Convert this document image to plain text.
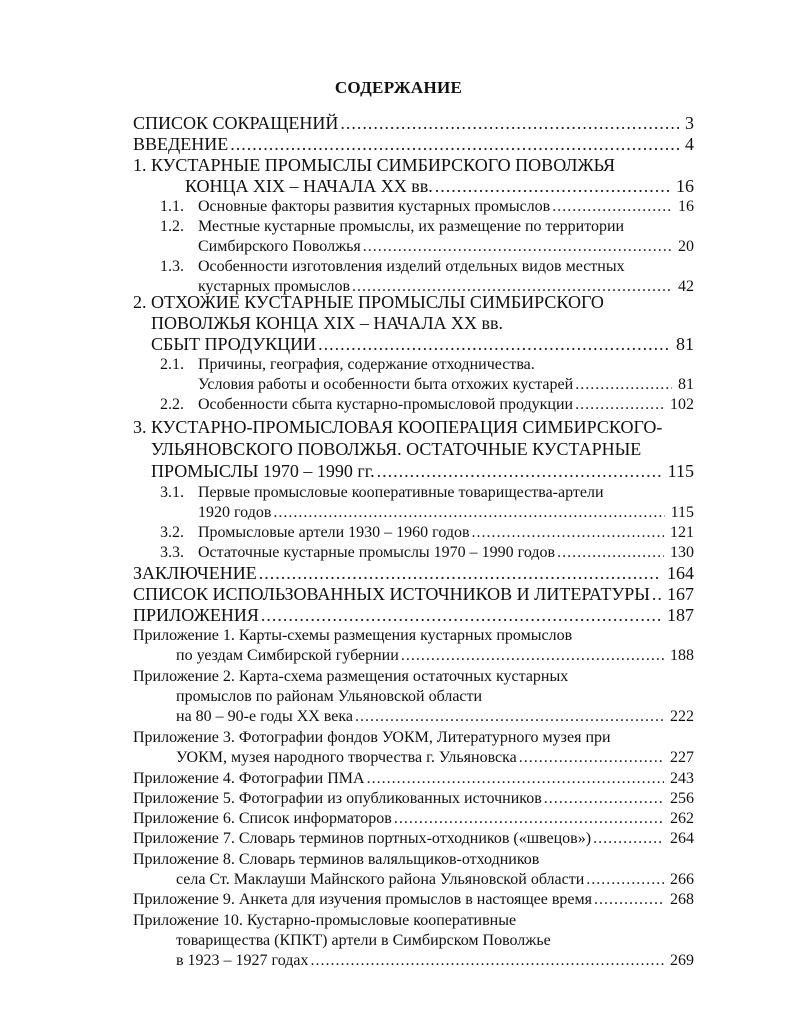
СОДЕРЖАНИЕ
СПИСОК СОКРАЩЕНИЙ .....	3
ВВЕДЕНИЕ .....	4
1. КУСТАРНЫЕ ПРОМЫСЛЫ СИМБИРСКОГО ПОВОЛЖЬЯ
КОНЦА XIX – НАЧАЛА XX вв. .....	16
1.1. Основные факторы развития кустарных промыслов .....	16
1.2. Местные кустарные промыслы, их размещение по территории
Симбирского Поволжья .....	20
1.3. Особенности изготовления изделий отдельных видов местных
кустарных промыслов .....	42
2. ОТХОЖИЕ КУСТАРНЫЕ ПРОМЫСЛЫ СИМБИРСКОГО
ПОВОЛЖЬЯ КОНЦА XIX – НАЧАЛА XX вв.
СБЫТ ПРОДУКЦИИ .....	81
2.1. Причины, география, содержание отходничества.
Условия работы и особенности быта отхожих кустарей .....	81
2.2. Особенности сбыта кустарно-промысловой продукции .....	102
3. КУСТАРНО-ПРОМЫСЛОВАЯ КООПЕРАЦИЯ СИМБИРСКОГО-
УЛЬЯНОВСКОГО ПОВОЛЖЬЯ. ОСТАТОЧНЫЕ КУСТАРНЫЕ
ПРОМЫСЛЫ 1970 – 1990 гг. .....	115
3.1. Первые промысловые кооперативные товарищества-артели
1920 годов .....	115
3.2. Промысловые артели 1930 – 1960 годов .....	121
3.3. Остаточные кустарные промыслы 1970 – 1990 годов .....	130
ЗАКЛЮЧЕНИЕ .....	164
СПИСОК ИСПОЛЬЗОВАННЫХ ИСТОЧНИКОВ И ЛИТЕРАТУРЫ ..... 167
ПРИЛОЖЕНИЯ .....	187
Приложение 1. Карты-схемы размещения кустарных промыслов
по уездам Симбирской губернии .....	188
Приложение 2. Карта-схема размещения остаточных кустарных
промыслов по районам Ульяновской области
на 80 – 90-е годы XX века .....	222
Приложение 3. Фотографии фондов УОКМ, Литературного музея при
УОКМ, музея народного творчества г. Ульяновска .....	227
Приложение 4. Фотографии ПМА .....	243
Приложение 5. Фотографии из опубликованных источников .....	256
Приложение 6. Список информаторов .....	262
Приложение 7. Словарь терминов портных-отходников («швецов») .....	264
Приложение 8. Словарь терминов валяльщиков-отходников
села Ст. Маклауши Майнского района Ульяновской области .....	266
Приложение 9. Анкета для изучения промыслов в настоящее время .....	268
Приложение 10. Кустарно-промысловые кооперативные
товарищества (КПКТ) артели в Симбирском Поволжье
в 1923 – 1927 годах .....	269
